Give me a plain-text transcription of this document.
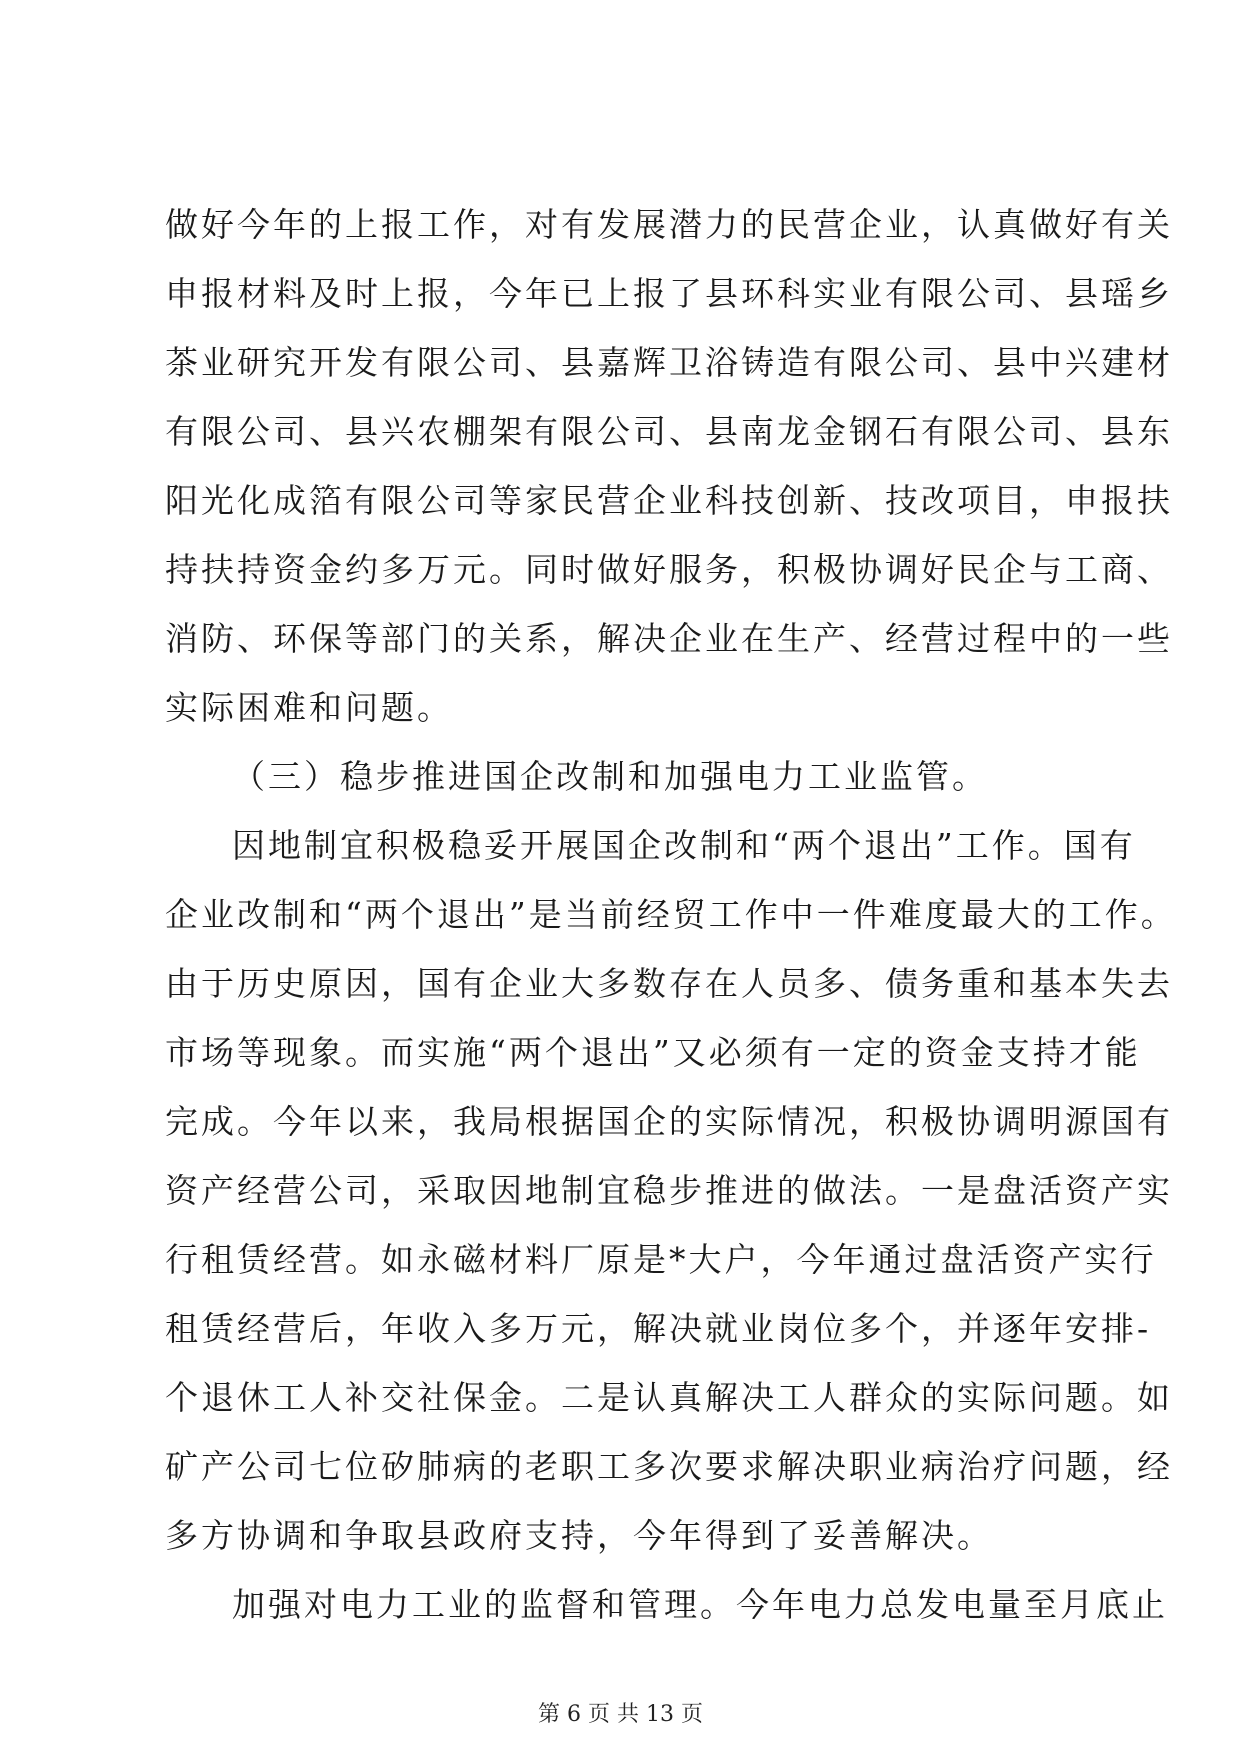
做好今年的上报工作，对有发展潜力的民营企业，认真做好有关
申报材料及时上报，今年已上报了县环科实业有限公司、县瑶乡
茶业研究开发有限公司、县嘉辉卫浴铸造有限公司、县中兴建材
有限公司、县兴农棚架有限公司、县南龙金钢石有限公司、县东
阳光化成箔有限公司等家民营企业科技创新、技改项目，申报扶
持扶持资金约多万元。同时做好服务，积极协调好民企与工商、
消防、环保等部门的关系，解决企业在生产、经营过程中的一些
实际困难和问题。
（三）稳步推进国企改制和加强电力工业监管。
因地制宜积极稳妥开展国企改制和“两个退出”工作。国有
企业改制和“两个退出”是当前经贸工作中一件难度最大的工作。
由于历史原因，国有企业大多数存在人员多、债务重和基本失去
市场等现象。而实施“两个退出”又必须有一定的资金支持才能
完成。今年以来，我局根据国企的实际情况，积极协调明源国有
资产经营公司，采取因地制宜稳步推进的做法。一是盘活资产实
行租赁经营。如永磁材料厂原是*大户，今年通过盘活资产实行
租赁经营后，年收入多万元，解决就业岗位多个，并逐年安排-
个退休工人补交社保金。二是认真解决工人群众的实际问题。如
矿产公司七位矽肺病的老职工多次要求解决职业病治疗问题，经
多方协调和争取县政府支持，今年得到了妥善解决。
加强对电力工业的监督和管理。今年电力总发电量至月底止
第 6 页 共 13 页
